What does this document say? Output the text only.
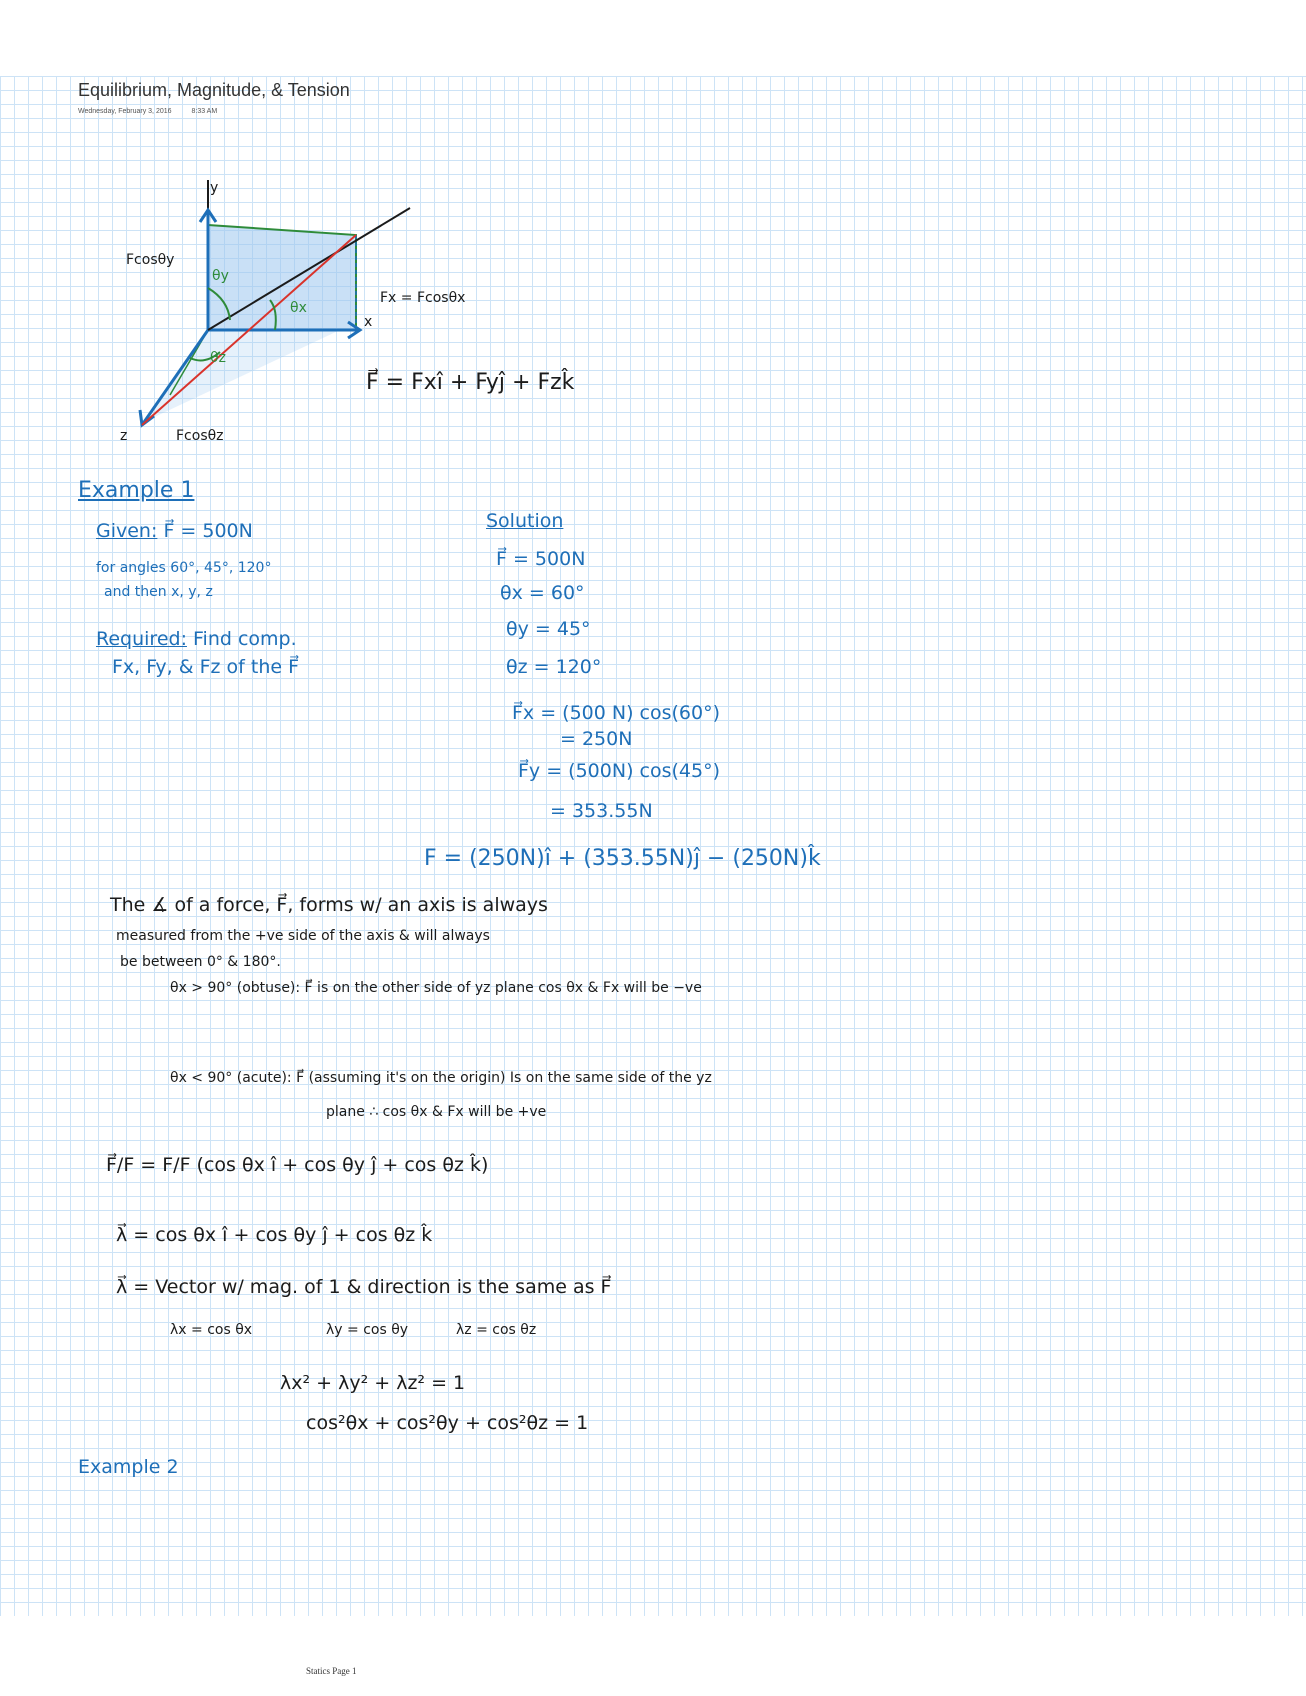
Equilibrium, Magnitude, & Tension
Wednesday, February 3, 2016	8:33 AM
y
x
z
Fcosθy
Fx = Fcosθx
Fcosθz
θy
θx
θz
F⃗ = Fxî + Fyĵ + Fzk̂
Example 1
Given: F⃗ = 500N
for angles 60°, 45°, 120°
and then x, y, z
Required: Find comp.
Fx, Fy, & Fz of the F⃗
Solution
F⃗ = 500N
θx = 60°
θy = 45°
θz = 120°
F⃗x = (500 N) cos(60°)
= 250N
F⃗y = (500N) cos(45°)
= 353.55N
F = (250N)î + (353.55N)ĵ − (250N)k̂
The ∡ of a force, F⃗, forms w/ an axis is always
measured from the +ve side of the axis & will always
be between 0° & 180°.
θx > 90° (obtuse): F⃗ is on the other side of yz plane cos θx & Fx will be −ve
θx < 90° (acute): F⃗ (assuming it's on the origin) Is on the same side of the yz
plane ∴ cos θx & Fx will be +ve
F⃗/F = F/F (cos θx î + cos θy ĵ + cos θz k̂)
λ⃗ = cos θx î + cos θy ĵ + cos θz k̂
λ⃗ = Vector w/ mag. of 1 & direction is the same as F⃗
λx = cos θx	λy = cos θy	λz = cos θz
λx² + λy² + λz² = 1
cos²θx + cos²θy + cos²θz = 1
Example 2
Statics Page 1
